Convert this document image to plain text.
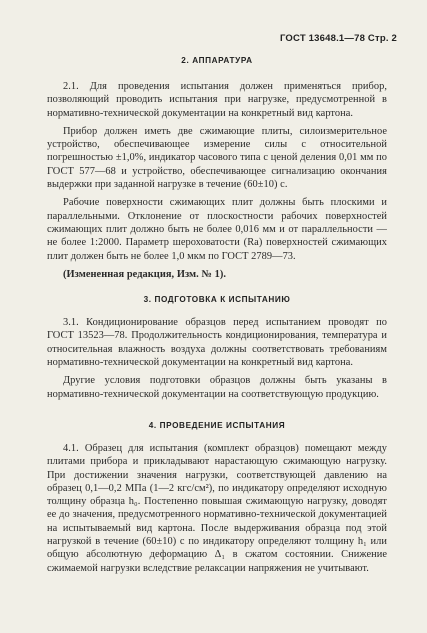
ГОСТ 13648.1—78 Стр. 2
2. АППАРАТУРА

2.1. Для проведения испытания должен применяться прибор, позволяющий проводить испытания при нагрузке, предусмотренной в нормативно-технической документации на конкретный вид картона.

Прибор должен иметь две сжимающие плиты, силоизмерительное устройство, обеспечивающее измерение силы с относительной погрешностью ±1,0%, индикатор часового типа с ценой деления 0,01 мм по ГОСТ 577—68 и устройство, обеспечивающее сигнализацию окончания выдержки при заданной нагрузке в течение (60±10) с.

Рабочие поверхности сжимающих плит должны быть плоскими и параллельными. Отклонение от плоскостности рабочих поверхностей сжимающих плит должно быть не более 0,016 мм и от параллельности — не более 1:2000. Параметр шероховатости (Ra) поверхностей сжимающих плит должен быть не более 1,0 мкм по ГОСТ 2789—73.

(Измененная редакция, Изм. № 1).

3. ПОДГОТОВКА К ИСПЫТАНИЮ

3.1. Кондиционирование образцов перед испытанием проводят по ГОСТ 13523—78. Продолжительность кондиционирования, температура и относительная влажность воздуха должны соответствовать требованиям нормативно-технической документации на конкретный вид картона.

Другие условия подготовки образцов должны быть указаны в нормативно-технической документации на соответствующую продукцию.

4. ПРОВЕДЕНИЕ ИСПЫТАНИЯ

4.1. Образец для испытания (комплект образцов) помещают между плитами прибора и прикладывают нарастающую сжимающую нагрузку. При достижении значения нагрузки, соответствующей давлению на образец 0,1—0,2 МПа (1—2 кгс/см²), по индикатору определяют исходную толщину образца h₀. Постепенно повышая сжимающую нагрузку, доводят ее до значения, предусмотренного нормативно-технической документацией на испытываемый вид картона. После выдерживания образца под этой нагрузкой в течение (60±10) с по индикатору определяют толщину h₁ или общую абсолютную деформацию Δ₁ в сжатом состоянии. Снижение сжимаемой нагрузки вследствие релаксации напряжения не учитывают.
